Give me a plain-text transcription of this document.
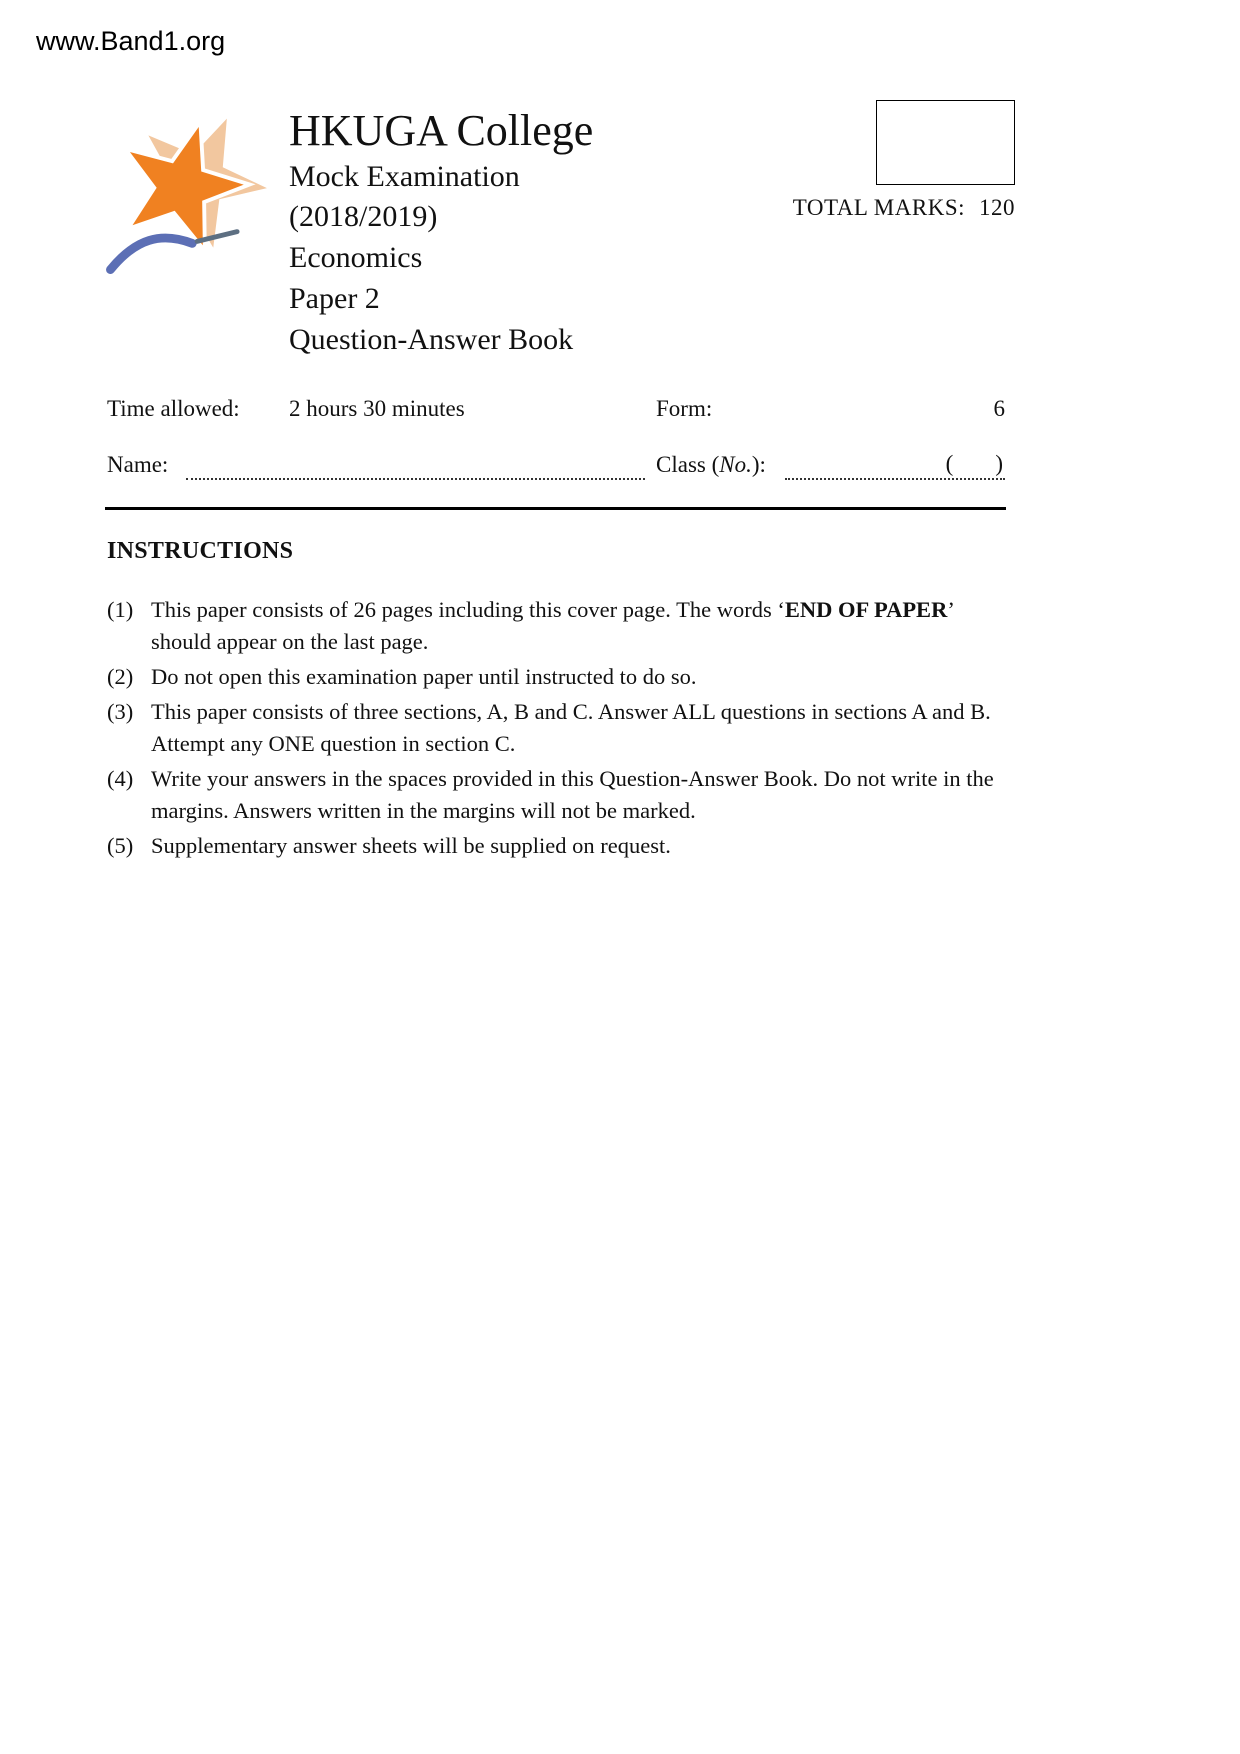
www.Band1.org
HKUGA College
Mock Examination
(2018/2019)
Economics
Paper 2
Question-Answer Book
TOTAL MARKS: 120
Time allowed: 2 hours 30 minutes	Form:	6
Name:	Class (No.):	( )
INSTRUCTIONS
(1) This paper consists of 26 pages including this cover page. The words ‘END OF PAPER’ should appear on the last page.
(2) Do not open this examination paper until instructed to do so.
(3) This paper consists of three sections, A, B and C. Answer ALL questions in sections A and B. Attempt any ONE question in section C.
(4) Write your answers in the spaces provided in this Question-Answer Book. Do not write in the margins. Answers written in the margins will not be marked.
(5) Supplementary answer sheets will be supplied on request.
